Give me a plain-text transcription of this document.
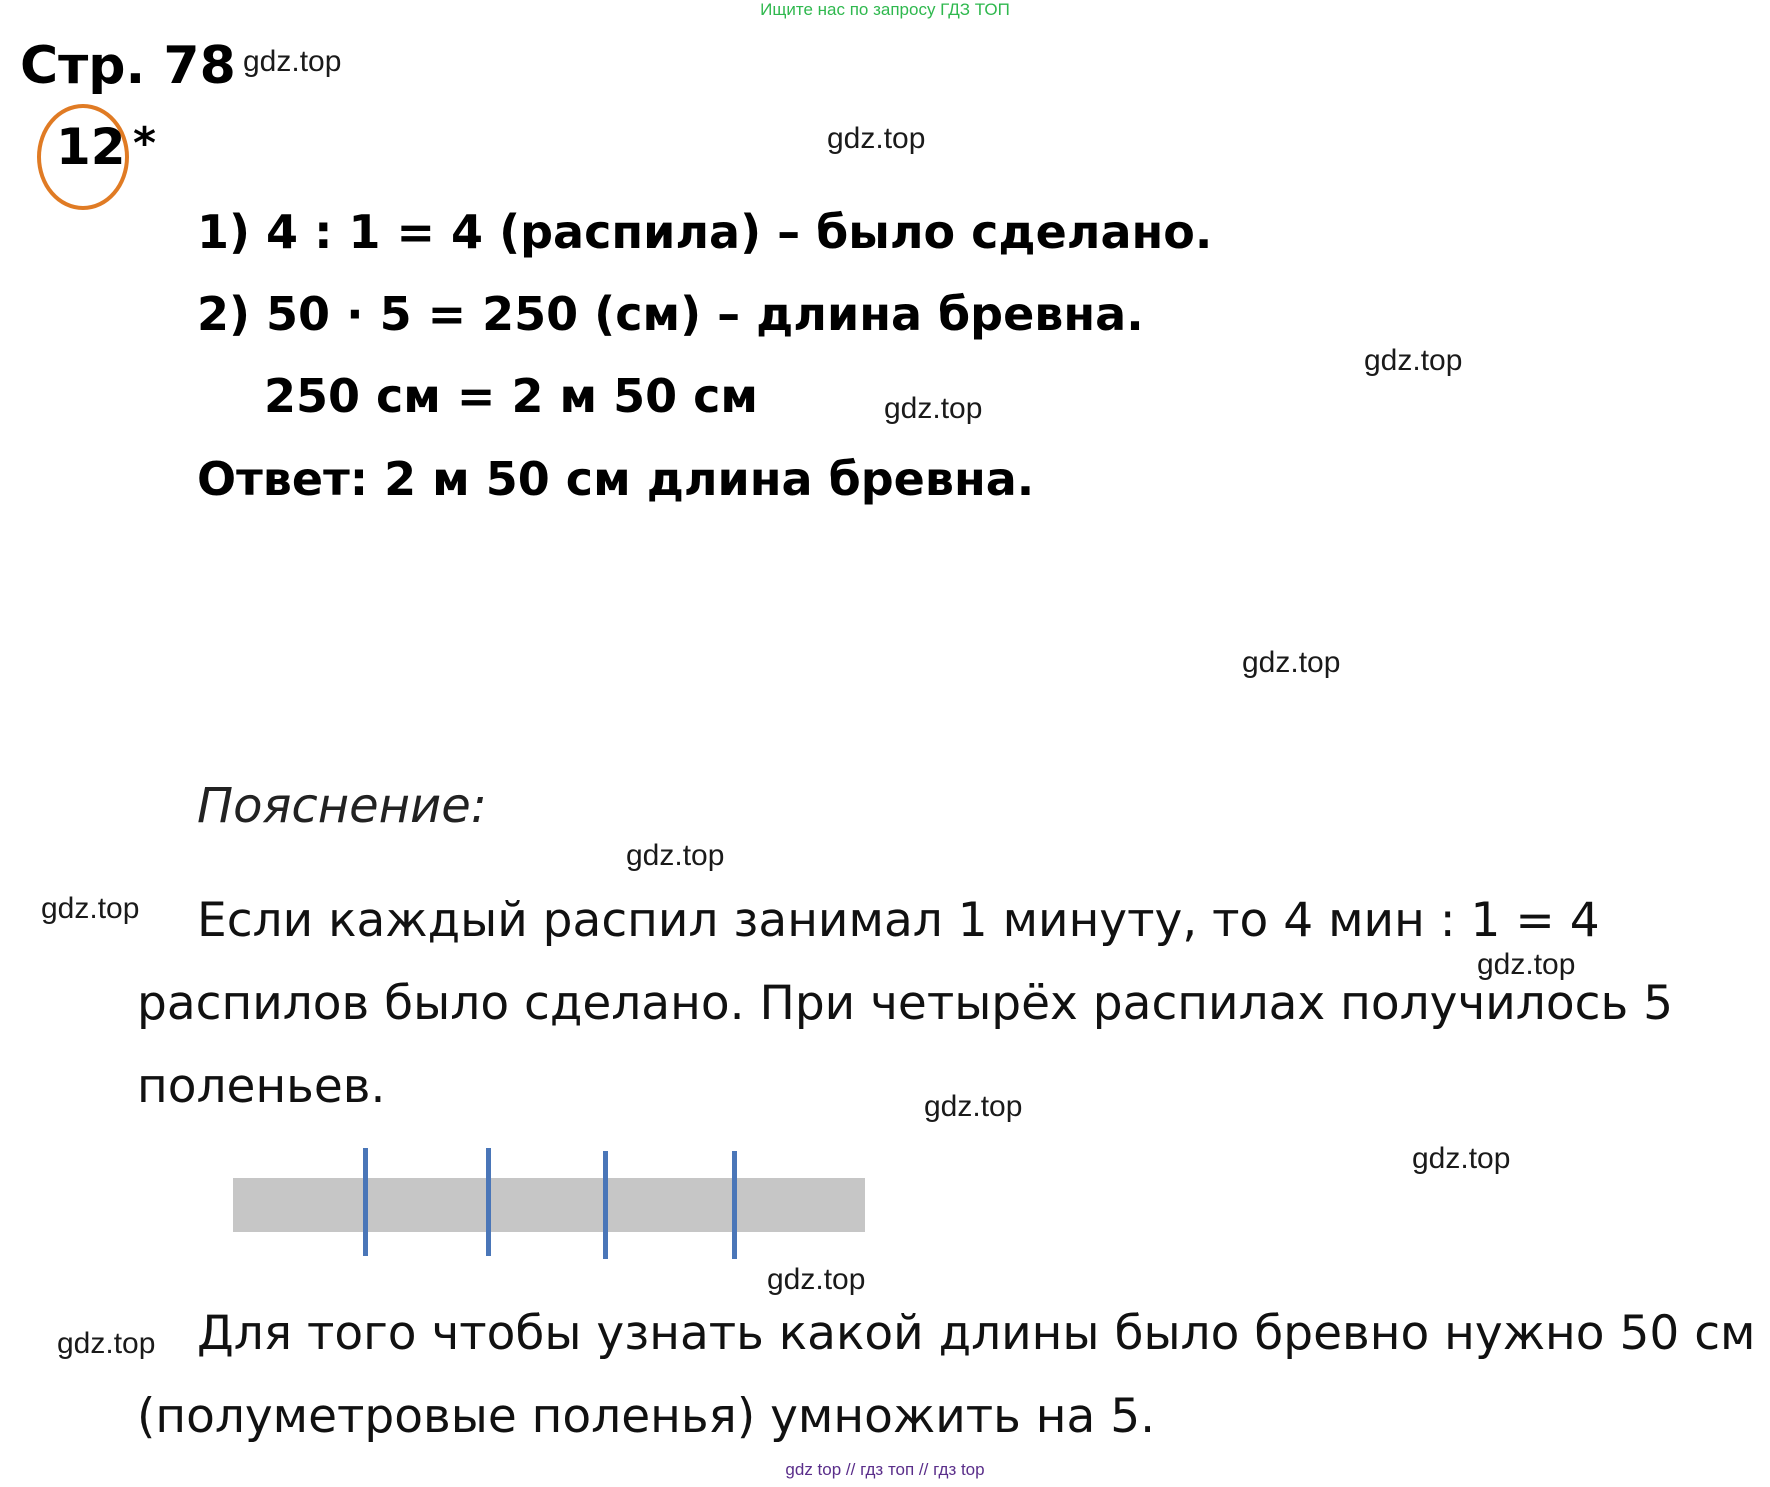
Ищите нас по запросу ГДЗ ТОП
Стр. 78
12 *
1) 4 : 1 = 4 (распила) – было сделано.
2) 50 · 5 = 250 (см) – длина бревна.
250 см = 2 м 50 см
Ответ: 2 м 50 см длина бревна.
Пояснение:
Если каждый распил занимал 1 минуту, то 4 мин : 1 = 4
распилов было сделано. При четырёх распилах получилось 5
поленьев.
Для того чтобы узнать какой длины было бревно нужно 50 см
(полуметровые поленья) умножить на 5.
gdz.top
gdz.top
gdz.top
gdz.top
gdz.top
gdz.top
gdz.top
gdz.top
gdz.top
gdz.top
gdz.top
gdz.top
gdz top // гдз топ // гдз top
